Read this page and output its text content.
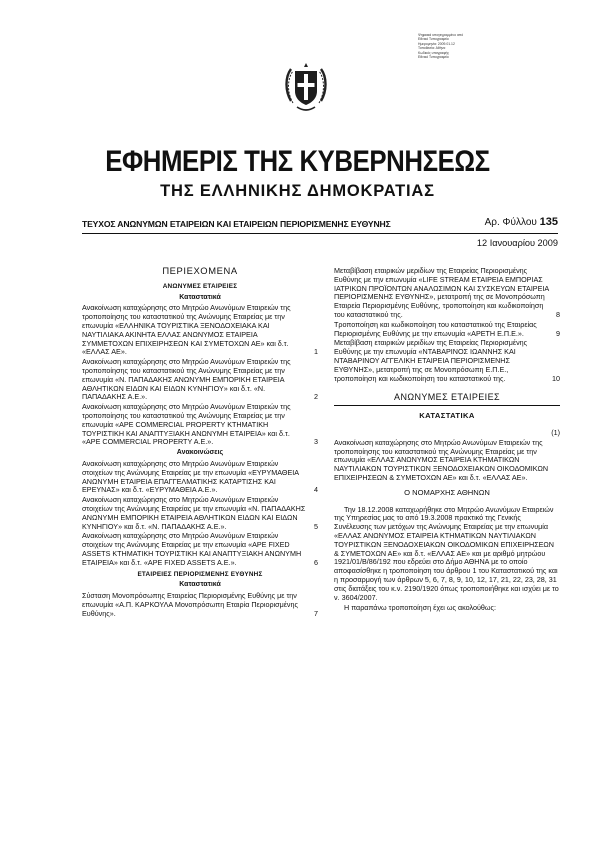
Ψηφιακά υπογεγραμμένο από
Εθνικό Τυπογραφείο
Ημερομηνία: 2009.01.12
Τοποθεσία: Αθήνα
Κωδικός υπογραφής
Εθνικό Τυπογραφείο
ΕΦΗΜΕΡΙΣ ΤΗΣ ΚΥΒΕΡΝΗΣΕΩΣ
ΤΗΣ ΕΛΛΗΝΙΚΗΣ ΔΗΜΟΚΡΑΤΙΑΣ
ΤΕΥΧΟΣ ΑΝΩΝΥΜΩΝ ΕΤΑΙΡΕΙΩΝ ΚΑΙ ΕΤΑΙΡΕΙΩΝ ΠΕΡΙΟΡΙΣΜΕΝΗΣ ΕΥΘΥΝΗΣ	Αρ. Φύλλου 135
12 Ιανουαρίου 2009
ΠΕΡΙΕΧΟΜΕΝΑ
ΑΝΩΝΥΜΕΣ ΕΤΑΙΡΕΙΕΣ
Καταστατικά
Ανακοίνωση καταχώρησης στο Μητρώο Ανωνύμων Εταιρειών της τροποποίησης του καταστατικού της Ανώνυμης Εταιρείας με την επωνυμία «ΕΛΛΗΝΙΚΑ ΤΟΥΡΙΣΤΙΚΑ ΞΕΝΟΔΟΧΕΙΑΚΑ ΚΑΙ ΝΑΥΤΙΛΙΑΚΑ ΑΚΙΝΗΤΑ ΕΛΛΑΣ ΑΝΩΝΥΜΟΣ ΕΤΑΙΡΕΙΑ ΣΥΜΜΕΤΟΧΩΝ ΕΠΙΧΕΙΡΗΣΕΩΝ ΚΑΙ ΣΥΜΕΤΟΧΩΝ ΑΕ» και δ.τ. «ΕΛΛΑΣ ΑΕ».	1
Ανακοίνωση καταχώρησης στο Μητρώο Ανωνύμων Εταιρειών της τροποποίησης του καταστατικού της Ανώνυμης Εταιρείας με την επωνυμία «Ν. ΠΑΠΑΔΑΚΗΣ ΑΝΩΝΥΜΗ ΕΜΠΟΡΙΚΗ ΕΤΑΙΡΕΙΑ ΑΘΛΗΤΙΚΩΝ ΕΙΔΩΝ ΚΑΙ ΕΙΔΩΝ ΚΥΝΗΓΙΟΥ» και δ.τ. «Ν. ΠΑΠΑΔΑΚΗΣ Α.Ε.».	2
Ανακοίνωση καταχώρησης στο Μητρώο Ανωνύμων Εταιρειών της τροποποίησης του καταστατικού της Ανώνυμης Εταιρείας με την επωνυμία «APE COMMERCIAL PROPERTY ΚΤΗΜΑΤΙΚΗ ΤΟΥΡΙΣΤΙΚΗ ΚΑΙ ΑΝΑΠΤΥΞΙΑΚΗ ΑΝΩΝΥΜΗ ΕΤΑΙΡΕΙΑ» και δ.τ. «APE COMMERCIAL PROPERTY A.E.».	3
Ανακοινώσεις
Ανακοίνωση καταχώρησης στο Μητρώο Ανωνύμων Εταιρειών στοιχείων της Ανώνυμης Εταιρείας με την επωνυμία «ΕΥΡΥΜΑΘΕΙΑ ΑΝΩΝΥΜΗ ΕΤΑΙΡΕΙΑ ΕΠΑΓΓΕΛΜΑΤΙΚΗΣ ΚΑΤΑΡΤΙΣΗΣ ΚΑΙ ΕΡΕΥΝΑΣ» και δ.τ. «ΕΥΡΥΜΑΘΕΙΑ Α.Ε.».	4
Ανακοίνωση καταχώρησης στο Μητρώο Ανωνύμων Εταιρειών στοιχείων της Ανώνυμης Εταιρείας με την επωνυμία «Ν. ΠΑΠΑΔΑΚΗΣ ΑΝΩΝΥΜΗ ΕΜΠΟΡΙΚΗ ΕΤΑΙΡΕΙΑ ΑΘΛΗΤΙΚΩΝ ΕΙΔΩΝ ΚΑΙ ΕΙΔΩΝ ΚΥΝΗΓΙΟΥ» και δ.τ. «Ν. ΠΑΠΑΔΑΚΗΣ Α.Ε.».	5
Ανακοίνωση καταχώρησης στο Μητρώο Ανωνύμων Εταιρειών στοιχείων της Ανώνυμης Εταιρείας με την επωνυμία «APE FIXED ASSETS ΚΤΗΜΑΤΙΚΗ ΤΟΥΡΙΣΤΙΚΗ ΚΑΙ ΑΝΑΠΤΥΞΙΑΚΗ ΑΝΩΝΥΜΗ ΕΤΑΙΡΕΙΑ» και δ.τ. «APE FIXED ASSETS A.E.».	6
ΕΤΑΙΡΕΙΕΣ ΠΕΡΙΟΡΙΣΜΕΝΗΣ ΕΥΘΥΝΗΣ
Καταστατικά
Σύσταση Μονοπρόσωπης Εταιρείας Περιορισμένης Ευθύνης με την επωνυμία «Α.Π. ΚΑΡΚΟΥΛΑ Μονοπρόσωπη Εταιρία Περιορισμένης Ευθύνης».	7
Μεταβίβαση εταιρικών μεριδίων της Εταιρείας Περιορισμένης Ευθύνης με την επωνυμία «LIFE STREAM ΕΤΑΙΡΕΙΑ ΕΜΠΟΡΙΑΣ ΙΑΤΡΙΚΩΝ ΠΡΟΪΟΝΤΩΝ ΑΝΑΛΩΣΙΜΩΝ ΚΑΙ ΣΥΣΚΕΥΩΝ ΕΤΑΙΡΕΙΑ ΠΕΡΙΟΡΙΣΜΕΝΗΣ ΕΥΘΥΝΗΣ», μετατροπή της σε Μονοπρόσωπη Εταιρεία Περιορισμένης Ευθύνης, τροποποίηση και κωδικοποίηση του καταστατικού της.	8
Τροποποίηση και κωδικοποίηση του καταστατικού της Εταιρείας Περιορισμένης Ευθύνης με την επωνυμία «ΑΡΕΤΗ Ε.Π.Ε.».	9
Μεταβίβαση εταιρικών μεριδίων της Εταιρείας Περιορισμένης Ευθύνης με την επωνυμία «ΝΤΑΒΑΡΙΝΟΣ ΙΩΑΝΝΗΣ ΚΑΙ ΝΤΑΒΑΡΙΝΟΥ ΑΓΓΕΛΙΚΗ ΕΤΑΙΡΕΙΑ ΠΕΡΙΟΡΙΣΜΕΝΗΣ ΕΥΘΥΝΗΣ», μετατροπή της σε Μονοπρόσωπη Ε.Π.Ε., τροποποίηση και κωδικοποίηση του καταστατικού της.	10
ΑΝΩΝΥΜΕΣ ΕΤΑΙΡΕΙΕΣ
ΚΑΤΑΣΤΑΤΙΚΑ
(1)
Ανακοίνωση καταχώρησης στο Μητρώο Ανωνύμων Εταιρειών της τροποποίησης του καταστατικού της Ανώνυμης Εταιρείας με την επωνυμία «ΕΛΛΑΣ ΑΝΩΝΥΜΟΣ ΕΤΑΙΡΕΙΑ ΚΤΗΜΑΤΙΚΩΝ ΝΑΥΤΙΛΙΑΚΩΝ ΤΟΥΡΙΣΤΙΚΩΝ ΞΕΝΟΔΟΧΕΙΑΚΩΝ ΟΙΚΟΔΟΜΙΚΩΝ ΕΠΙΧΕΙΡΗΣΕΩΝ & ΣΥΜΕΤΟΧΩΝ ΑΕ» και δ.τ. «ΕΛΛΑΣ ΑΕ».
Ο ΝΟΜΑΡΧΗΣ ΑΘΗΝΩΝ
Την 18.12.2008 καταχωρήθηκε στο Μητρώο Ανωνύμων Εταιρειών της Υπηρεσίας μας το από 19.3.2008 πρακτικό της Γενικής Συνέλευσης των μετόχων της Ανώνυμης Εταιρείας με την επωνυμία «ΕΛΛΑΣ ΑΝΩΝΥΜΟΣ ΕΤΑΙΡΕΙΑ ΚΤΗΜΑΤΙΚΩΝ ΝΑΥΤΙΛΙΑΚΩΝ ΤΟΥΡΙΣΤΙΚΩΝ ΞΕΝΟΔΟΧΕΙΑΚΩΝ ΟΙΚΟΔΟΜΙΚΩΝ ΕΠΙΧΕΙΡΗΣΕΩΝ & ΣΥΜΕΤΟΧΩΝ ΑΕ» και δ.τ. «ΕΛΛΑΣ ΑΕ» και με αριθμό μητρώου 1921/01/Β/86/192 που εδρεύει στο Δήμο ΑΘΗΝΑ με το οποίο αποφασίσθηκε η τροποποίηση του άρθρου 1 του Καταστατικού της και η προσαρμογή των άρθρων 5, 6, 7, 8, 9, 10, 12, 17, 21, 22, 23, 28, 31 στις διατάξεις του κ.ν. 2190/1920 όπως τροποποιήθηκε και ισχύει με το ν. 3604/2007.
Η παραπάνω τροποποίηση έχει ως ακολούθως:
